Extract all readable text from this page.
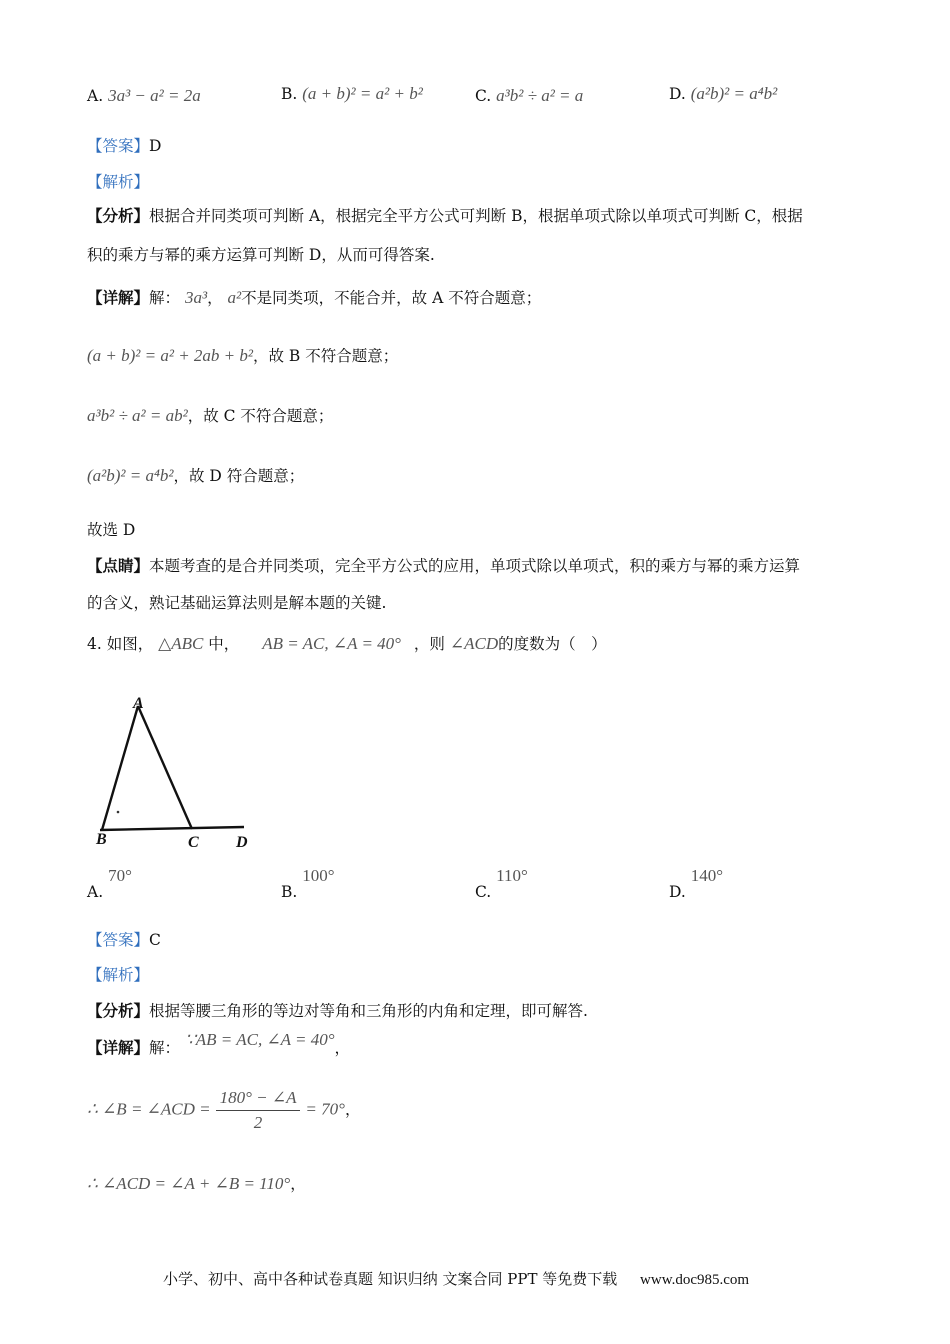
A. 3a³ − a² = 2a	B. (a + b)² = a² + b²	C. a³b² ÷ a² = a	D. (a²b)² = a⁴b²
【答案】D
【解析】
【分析】根据合并同类项可判断 A，根据完全平方公式可判断 B，根据单项式除以单项式可判断 C，根据
积的乘方与幂的乘方运算可判断 D，从而可得答案.
【详解】解： 3a³， a²不是同类项，不能合并，故 A 不符合题意；
(a + b)² = a² + 2ab + b²，故 B 不符合题意；
a³b² ÷ a² = ab²，故 C 不符合题意；
(a²b)² = a⁴b²，故 D 符合题意；
故选 D
【点睛】本题考查的是合并同类项，完全平方公式的应用，单项式除以单项式，积的乘方与幂的乘方运算
的含义，熟记基础运算法则是解本题的关键.
4. 如图， △ABC 中， AB = AC, ∠A = 40° ，则 ∠ACD的度数为（　）
A
B	C D
A. 70°
B. 100°
C. 110°
D. 140°
【答案】C
【解析】
【分析】根据等腰三角形的等边对等角和三角形的内角和定理，即可解答.
【详解】解： ∵AB = AC, ∠A = 40°，
∴ ∠B = ∠ACD = $\frac{180^\circ - \angle A}{2} = 70^\circ$，
∴ ∠ACD = ∠A + ∠B = 110°，
小学、初中、高中各种试卷真题 知识归纳 文案合同 PPT 等免费下载 www.doc985.com
